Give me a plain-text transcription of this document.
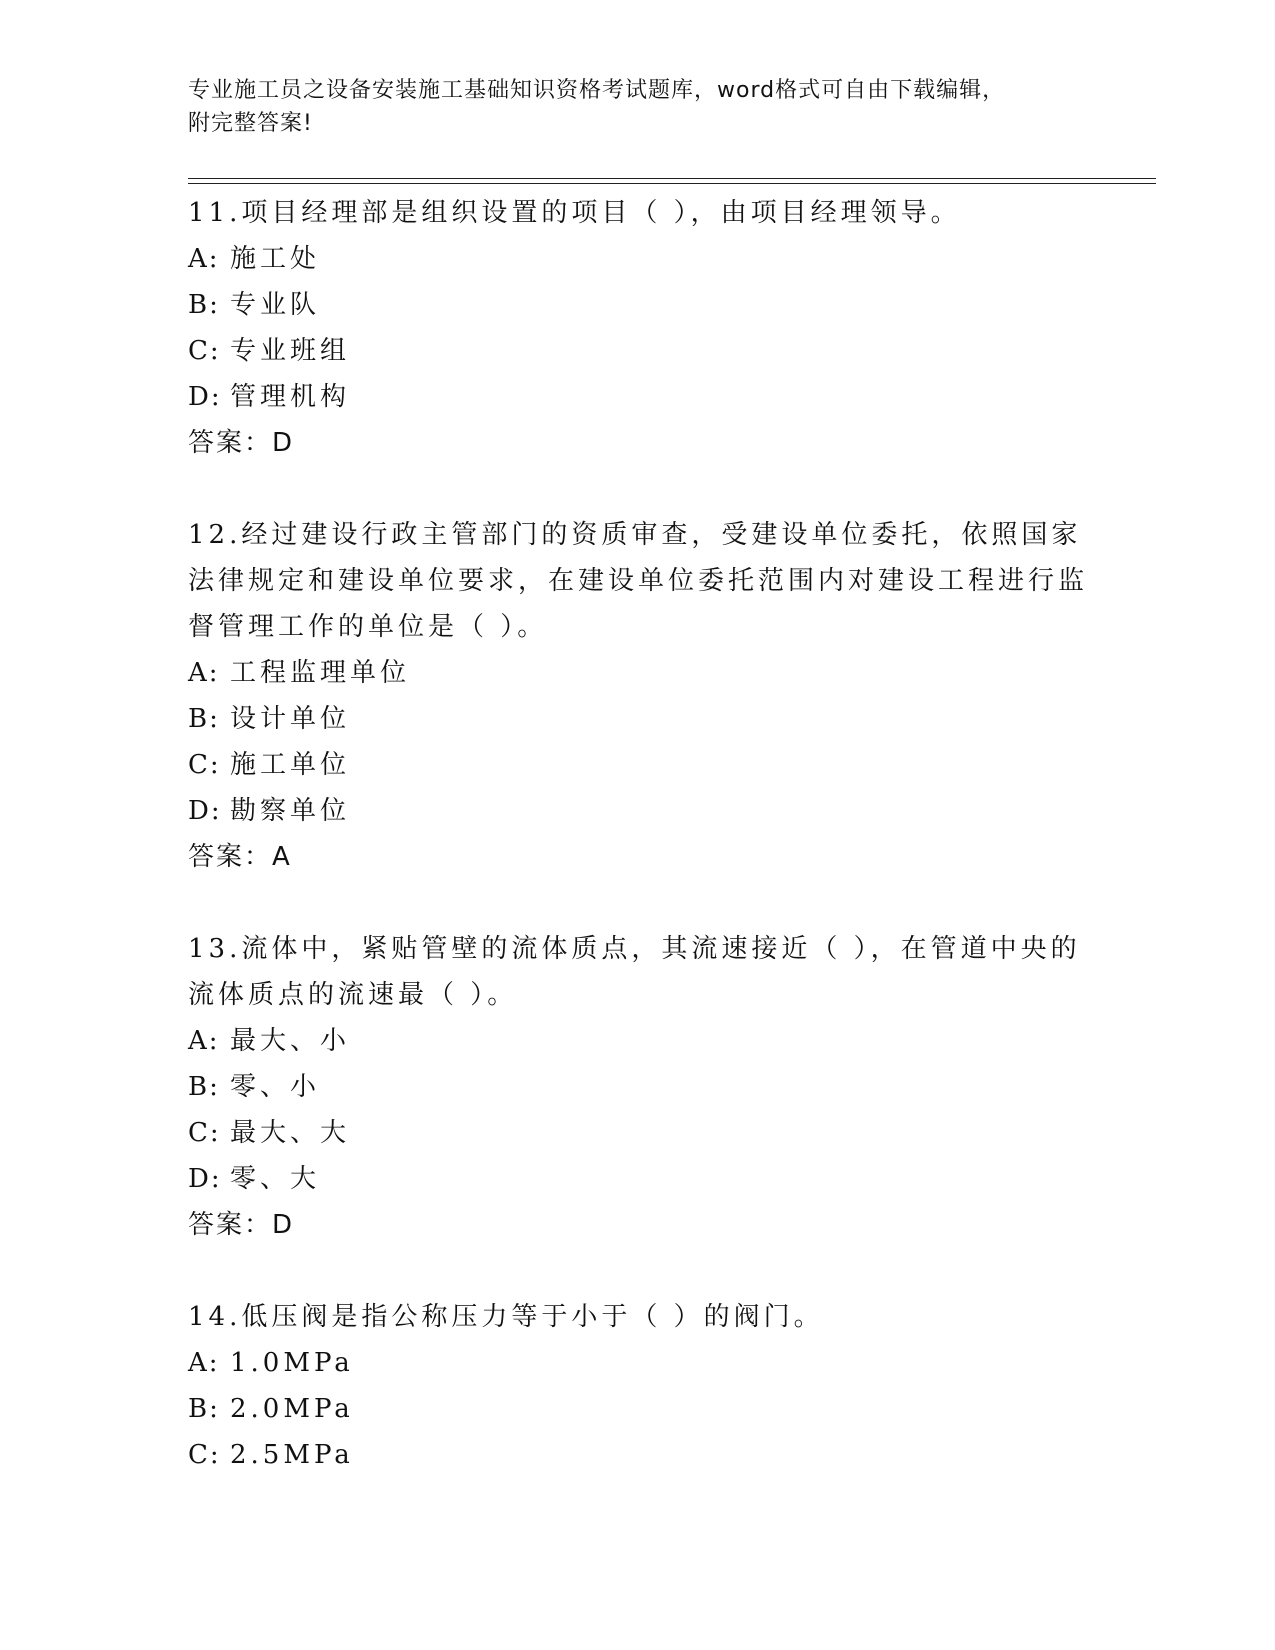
专业施工员之设备安装施工基础知识资格考试题库，word格式可自由下载编辑，
附完整答案!

11.项目经理部是组织设置的项目（ ），由项目经理领导。

A: 施工处

B: 专业队

C: 专业班组

D: 管理机构

答案：D

12.经过建设行政主管部门的资质审查，受建设单位委托，依照国家法律规定和建设单位要求，在建设单位委托范围内对建设工程进行监督管理工作的单位是（ ）。

A: 工程监理单位

B: 设计单位

C: 施工单位

D: 勘察单位

答案：A

13.流体中，紧贴管壁的流体质点，其流速接近（ ），在管道中央的流体质点的流速最（ ）。

A: 最大、小

B: 零、小

C: 最大、大

D: 零、大

答案：D

14.低压阀是指公称压力等于小于（ ）的阀门。

A: 1.0MPa

B: 2.0MPa

C: 2.5MPa
